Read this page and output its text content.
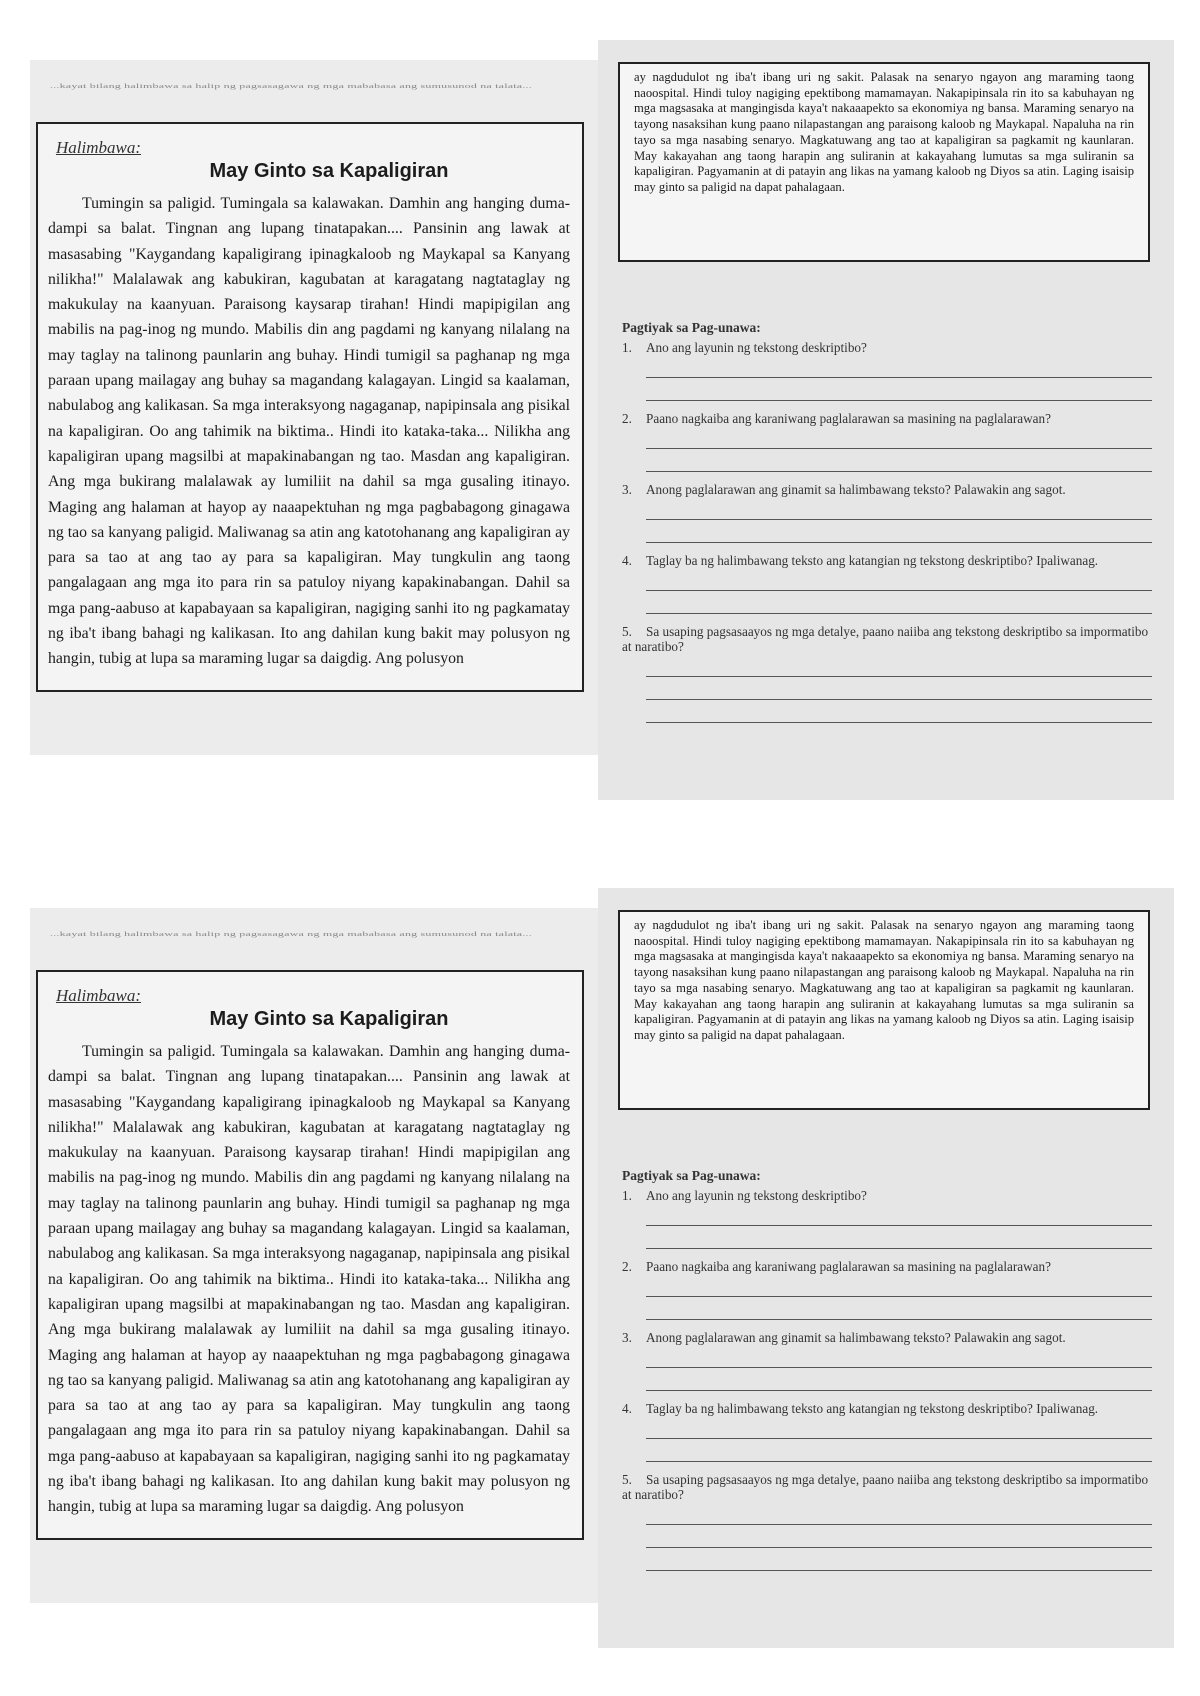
...kayat bilang halimbawa sa halip ng pagsasagawa ng mga mababasa ang sumusunod na talata...

Halimbawa:

May Ginto sa Kapaligiran

Tumingin sa paligid. Tumingala sa kalawakan. Damhin ang hanging dumadampi sa balat. Tingnan ang lupang tinatapakan.... Pansinin ang lawak at masasabing "Kaygandang kapaligirang ipinagkaloob ng Maykapal sa Kanyang nilikha!" Malalawak ang kabukiran, kagubatan at karagatang nagtataglay ng makukulay na kaanyuan. Paraisong kaysarap tirahan! Hindi mapipigilan ang mabilis na pag-inog ng mundo. Mabilis din ang pagdami ng kanyang nilalang na may taglay na talinong paunlarin ang buhay. Hindi tumigil sa paghanap ng mga paraan upang mailagay ang buhay sa magandang kalagayan. Lingid sa kaalaman, nabulabog ang kalikasan. Sa mga interaksyong nagaganap, napipinsala ang pisikal na kapaligiran. Oo ang tahimik na biktima.. Hindi ito kataka-taka... Nilikha ang kapaligiran upang magsilbi at mapakinabangan ng tao. Masdan ang kapaligiran. Ang mga bukirang malalawak ay lumiliit na dahil sa mga gusaling itinayo. Maging ang halaman at hayop ay naaapektuhan ng mga pagbabagong ginagawa ng tao sa kanyang paligid. Maliwanag sa atin ang katotohanang ang kapaligiran ay para sa tao at ang tao ay para sa kapaligiran. May tungkulin ang taong pangalagaan ang mga ito para rin sa patuloy niyang kapakinabangan. Dahil sa mga pang-aabuso at kapabayaan sa kapaligiran, nagiging sanhi ito ng pagkamatay ng iba't ibang bahagi ng kalikasan. Ito ang dahilan kung bakit may polusyon ng hangin, tubig at lupa sa maraming lugar sa daigdig. Ang polusyon

ay nagdudulot ng iba't ibang uri ng sakit. Palasak na senaryo ngayon ang maraming taong naoospital. Hindi tuloy nagiging epektibong mamamayan. Nakapipinsala rin ito sa kabuhayan ng mga magsasaka at mangingisda kaya't nakaaapekto sa ekonomiya ng bansa. Maraming senaryo na tayong nasaksihan kung paano nilapastangan ang paraisong kaloob ng Maykapal. Napaluha na rin tayo sa mga nasabing senaryo. Magkatuwang ang tao at kapaligiran sa pagkamit ng kaunlaran. May kakayahan ang taong harapin ang suliranin at kakayahang lumutas sa mga suliranin sa kapaligiran. Pagyamanin at di patayin ang likas na yamang kaloob ng Diyos sa atin. Laging isaisip may ginto sa paligid na dapat pahalagaan.

Pagtiyak sa Pag-unawa:
1. Ano ang layunin ng tekstong deskriptibo?
2. Paano nagkaiba ang karaniwang paglalarawan sa masining na paglalarawan?
3. Anong paglalarawan ang ginamit sa halimbawang teksto? Palawakin ang sagot.
4. Taglay ba ng halimbawang teksto ang katangian ng tekstong deskriptibo? Ipaliwanag.
5. Sa usaping pagsasaayos ng mga detalye, paano naiiba ang tekstong deskriptibo sa impormatibo at naratibo?
...kayat bilang halimbawa sa halip ng pagsasagawa ng mga mababasa ang sumusunod na talata...

Halimbawa:

May Ginto sa Kapaligiran

Tumingin sa paligid. Tumingala sa kalawakan. Damhin ang hanging dumadampi sa balat. Tingnan ang lupang tinatapakan.... Pansinin ang lawak at masasabing "Kaygandang kapaligirang ipinagkaloob ng Maykapal sa Kanyang nilikha!" Malalawak ang kabukiran, kagubatan at karagatang nagtataglay ng makukulay na kaanyuan. Paraisong kaysarap tirahan! Hindi mapipigilan ang mabilis na pag-inog ng mundo. Mabilis din ang pagdami ng kanyang nilalang na may taglay na talinong paunlarin ang buhay. Hindi tumigil sa paghanap ng mga paraan upang mailagay ang buhay sa magandang kalagayan. Lingid sa kaalaman, nabulabog ang kalikasan. Sa mga interaksyong nagaganap, napipinsala ang pisikal na kapaligiran. Oo ang tahimik na biktima.. Hindi ito kataka-taka... Nilikha ang kapaligiran upang magsilbi at mapakinabangan ng tao. Masdan ang kapaligiran. Ang mga bukirang malalawak ay lumiliit na dahil sa mga gusaling itinayo. Maging ang halaman at hayop ay naaapektuhan ng mga pagbabagong ginagawa ng tao sa kanyang paligid. Maliwanag sa atin ang katotohanang ang kapaligiran ay para sa tao at ang tao ay para sa kapaligiran. May tungkulin ang taong pangalagaan ang mga ito para rin sa patuloy niyang kapakinabangan. Dahil sa mga pang-aabuso at kapabayaan sa kapaligiran, nagiging sanhi ito ng pagkamatay ng iba't ibang bahagi ng kalikasan. Ito ang dahilan kung bakit may polusyon ng hangin, tubig at lupa sa maraming lugar sa daigdig. Ang polusyon

ay nagdudulot ng iba't ibang uri ng sakit. Palasak na senaryo ngayon ang maraming taong naoospital. Hindi tuloy nagiging epektibong mamamayan. Nakapipinsala rin ito sa kabuhayan ng mga magsasaka at mangingisda kaya't nakaaapekto sa ekonomiya ng bansa. Maraming senaryo na tayong nasaksihan kung paano nilapastangan ang paraisong kaloob ng Maykapal. Napaluha na rin tayo sa mga nasabing senaryo. Magkatuwang ang tao at kapaligiran sa pagkamit ng kaunlaran. May kakayahan ang taong harapin ang suliranin at kakayahang lumutas sa mga suliranin sa kapaligiran. Pagyamanin at di patayin ang likas na yamang kaloob ng Diyos sa atin. Laging isaisip may ginto sa paligid na dapat pahalagaan.

Pagtiyak sa Pag-unawa:
1. Ano ang layunin ng tekstong deskriptibo?
2. Paano nagkaiba ang karaniwang paglalarawan sa masining na paglalarawan?
3. Anong paglalarawan ang ginamit sa halimbawang teksto? Palawakin ang sagot.
4. Taglay ba ng halimbawang teksto ang katangian ng tekstong deskriptibo? Ipaliwanag.
5. Sa usaping pagsasaayos ng mga detalye, paano naiiba ang tekstong deskriptibo sa impormatibo at naratibo?
